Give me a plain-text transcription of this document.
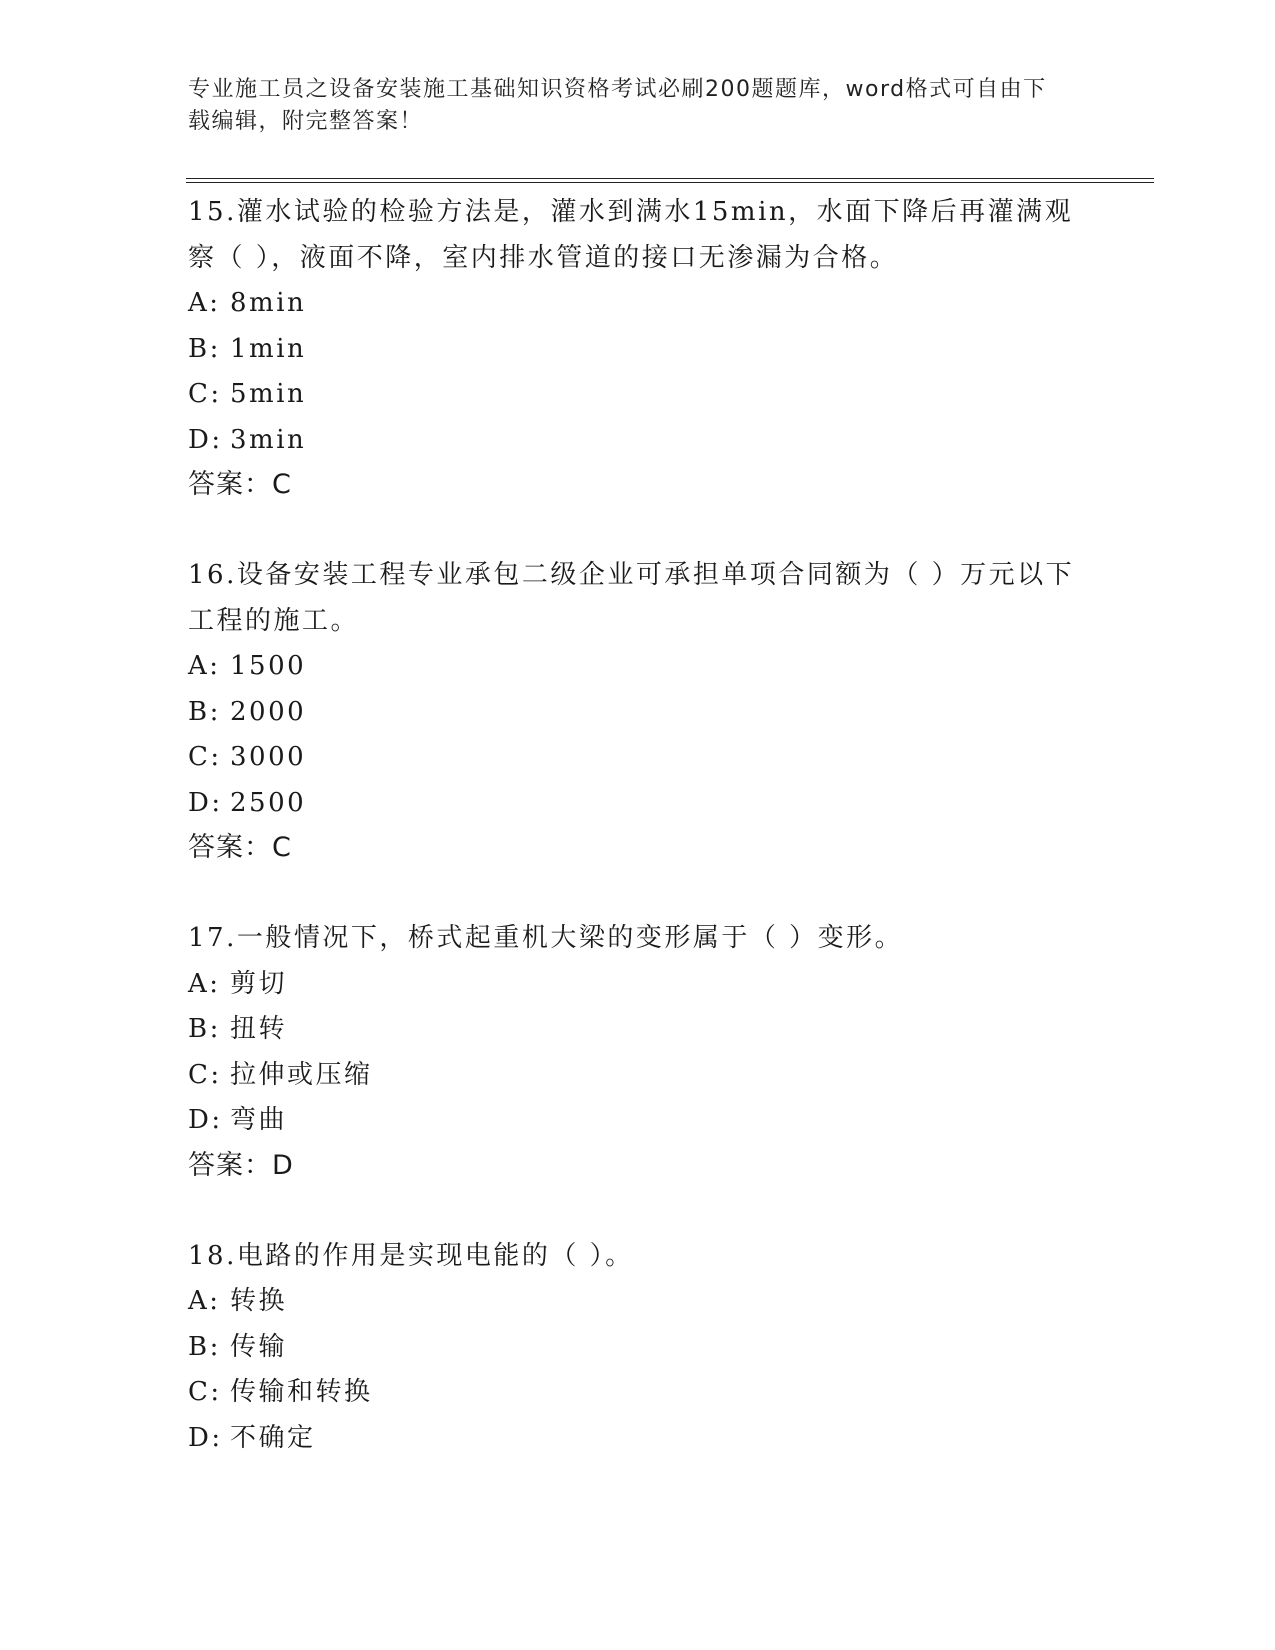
专业施工员之设备安装施工基础知识资格考试必刷200题题库，word格式可自由下载编辑，附完整答案！

15.灌水试验的检验方法是，灌水到满水15min，水面下降后再灌满观察（ ），液面不降，室内排水管道的接口无渗漏为合格。

A: 8min

B: 1min

C: 5min

D: 3min

答案：C

16.设备安装工程专业承包二级企业可承担单项合同额为（ ）万元以下工程的施工。

A: 1500

B: 2000

C: 3000

D: 2500

答案：C

17.一般情况下，桥式起重机大梁的变形属于（ ）变形。

A: 剪切

B: 扭转

C: 拉伸或压缩

D: 弯曲

答案：D

18.电路的作用是实现电能的（ ）。

A: 转换

B: 传输

C: 传输和转换

D: 不确定
